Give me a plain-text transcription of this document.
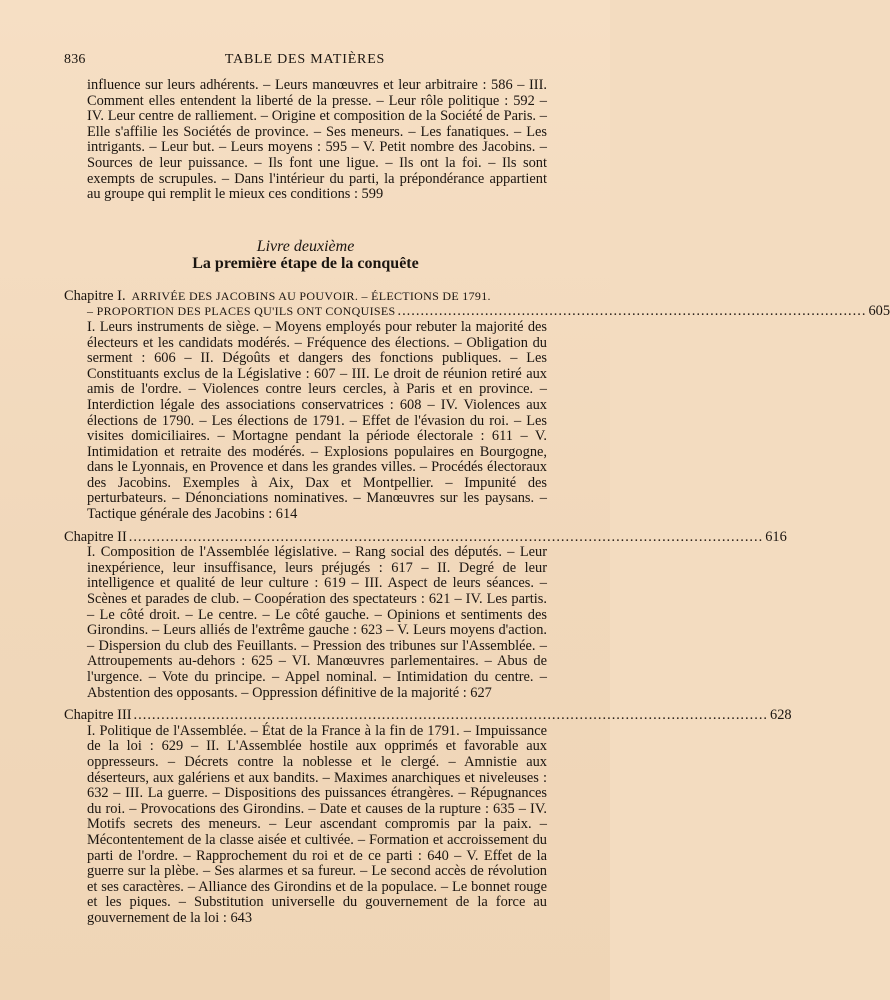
836	TABLE DES MATIÈRES

influence sur leurs adhérents. – Leurs manœuvres et leur arbitraire : 586 – III. Comment elles entendent la liberté de la presse. – Leur rôle politique : 592 – IV. Leur centre de ralliement. – Origine et composition de la Société de Paris. – Elle s'affilie les Sociétés de province. – Ses meneurs. – Les fanatiques. – Les intrigants. – Leur but. – Leurs moyens : 595 – V. Petit nombre des Jacobins. – Sources de leur puissance. – Ils font une ligue. – Ils ont la foi. – Ils sont exempts de scrupules. – Dans l'intérieur du parti, la prépondérance appartient au groupe qui remplit le mieux ces conditions : 599

Livre deuxième
La première étape de la conquête
Chapitre I. ARRIVÉE DES JACOBINS AU POUVOIR. – ÉLECTIONS DE 1791.
– PROPORTION DES PLACES QU'ILS ONT CONQUISES ...................................................................................................... 605

I. Leurs instruments de siège. – Moyens employés pour rebuter la majorité des électeurs et les candidats modérés. – Fréquence des élections. – Obligation du serment : 606 – II. Dégoûts et dangers des fonctions publiques. – Les Constituants exclus de la Législative : 607 – III. Le droit de réunion retiré aux amis de l'ordre. – Violences contre leurs cercles, à Paris et en province. – Interdiction légale des associations conservatrices : 608 – IV. Violences aux élections de 1790. – Les élections de 1791. – Effet de l'évasion du roi. – Les visites domiciliaires. – Mortagne pendant la période électorale : 611 – V. Intimidation et retraite des modérés. – Explosions populaires en Bourgogne, dans le Lyonnais, en Provence et dans les grandes villes. – Procédés électoraux des Jacobins. Exemples à Aix, Dax et Montpellier. – Impunité des perturbateurs. – Dénonciations nominatives. – Manœuvres sur les paysans. – Tactique générale des Jacobins : 614

Chapitre II .......................................................................................................................................... 616

I. Composition de l'Assemblée législative. – Rang social des députés. – Leur inexpérience, leur insuffisance, leurs préjugés : 617 – II. Degré de leur intelligence et qualité de leur culture : 619 – III. Aspect de leurs séances. – Scènes et parades de club. – Coopération des spectateurs : 621 – IV. Les partis. – Le côté droit. – Le centre. – Le côté gauche. – Opinions et sentiments des Girondins. – Leurs alliés de l'extrême gauche : 623 – V. Leurs moyens d'action. – Dispersion du club des Feuillants. – Pression des tribunes sur l'Assemblée. – Attroupements au-dehors : 625 – VI. Manœuvres parlementaires. – Abus de l'urgence. – Vote du principe. – Appel nominal. – Intimidation du centre. – Abstention des opposants. – Oppression définitive de la majorité : 627

Chapitre III .......................................................................................................................................... 628

I. Politique de l'Assemblée. – État de la France à la fin de 1791. – Impuissance de la loi : 629 – II. L'Assemblée hostile aux opprimés et favorable aux oppresseurs. – Décrets contre la noblesse et le clergé. – Amnistie aux déserteurs, aux galériens et aux bandits. – Maximes anarchiques et niveleuses : 632 – III. La guerre. – Dispositions des puissances étrangères. – Répugnances du roi. – Provocations des Girondins. – Date et causes de la rupture : 635 – IV. Motifs secrets des meneurs. – Leur ascendant compromis par la paix. – Mécontentement de la classe aisée et cultivée. – Formation et accroissement du parti de l'ordre. – Rapprochement du roi et de ce parti : 640 – V. Effet de la guerre sur la plèbe. – Ses alarmes et sa fureur. – Le second accès de révolution et ses caractères. – Alliance des Girondins et de la populace. – Le bonnet rouge et les piques. – Substitution universelle du gouvernement de la force au gouvernement de la loi : 643
